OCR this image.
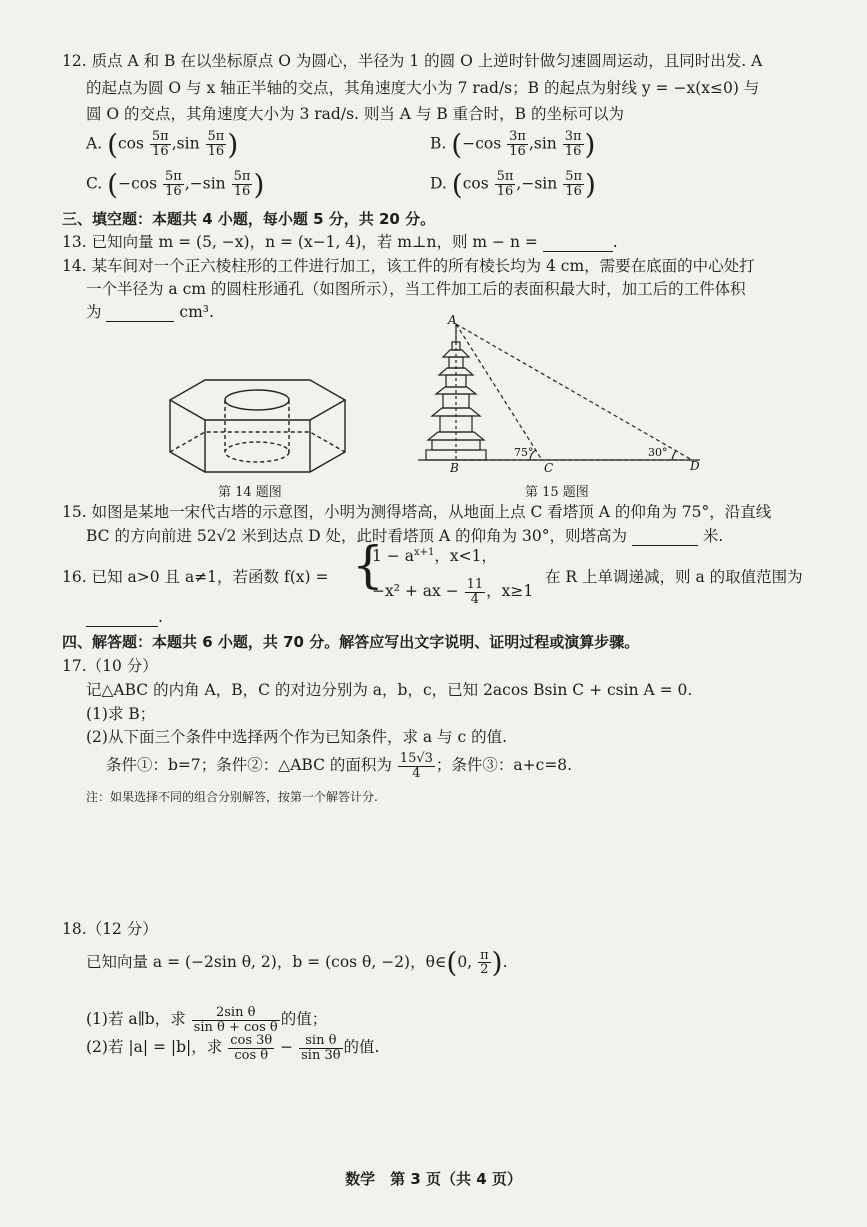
12. 质点 A 和 B 在以坐标原点 O 为圆心，半径为 1 的圆 O 上逆时针做匀速圆周运动，且同时出发. A
的起点为圆 O 与 x 轴正半轴的交点，其角速度大小为 7 rad/s；B 的起点为射线 y = −x(x≤0) 与
圆 O 的交点，其角速度大小为 3 rad/s. 则当 A 与 B 重合时，B 的坐标可以为
A. ($\cos \frac{5\pi}{16} ,\sin \frac{5\pi}{16}$ )	B. ($-\cos \frac{3\pi}{16} ,\sin \frac{3\pi}{16}$ )
C. ($-\cos \frac{5\pi}{16} ,-\sin \frac{5\pi}{16}$ )	D. ($\cos \frac{5\pi}{16} ,-\sin \frac{5\pi}{16}$ )
三、填空题：本题共 4 小题，每小题 5 分，共 20 分。
13. 已知向量 m = (5, −x)，n = (x−1, 4)，若 m⊥n，则 m − n =	.
14. 某车间对一个正六棱柱形的工件进行加工，该工件的所有棱长均为 4 cm，需要在底面的中心处打
一个半径为 a cm 的圆柱形通孔（如图所示），当工件加工后的表面积最大时，加工后的工件体积
为	cm³.
第 14 题图
A
B	C	D
75°	30°
第 15 题图
15. 如图是某地一宋代古塔的示意图，小明为测得塔高，从地面上点 C 看塔顶 A 的仰角为 75°，沿直线
BC 的方向前进 52√2 米到达点 D 处，此时看塔顶 A 的仰角为 30°，则塔高为	米.
16. 已知 a>0 且 a≠1，若函数 f(x) = {
$1 - a^{x+1}$，x<1，
−x² + ax − $\frac{11}{4}$ ，x≥1
在 R 上单调递减，则 a 的取值范围为
.
四、解答题：本题共 6 小题，共 70 分。解答应写出文字说明、证明过程或演算步骤。
17.（10 分）
记△ABC 的内角 A，B，C 的对边分别为 a，b，c，已知 2acos Bsin C + csin A = 0.
(1)求 B；
(2)从下面三个条件中选择两个作为已知条件，求 a 与 c 的值.
条件①：b=7；条件②：△ABC 的面积为 $\frac{15√3}{4}$ ；条件③：a+c=8.
注：如果选择不同的组合分别解答，按第一个解答计分.
18.（12 分）
已知向量 a = (−2sin θ, 2)，b = (cos θ, −2)，θ∈(0, $\frac{\pi}{2}$ ).
(1)若 a∥b，求 $\frac{\text{2sin θ}}{\text{sin θ + cos θ}}$ 的值；
(2)若 |a| = |b|，求 $\frac{\cos 3\theta}{\text{cos θ}} - \frac{\text{sin θ}}{\sin 3\theta}$ 的值.
数学　第 3 页（共 4 页）
